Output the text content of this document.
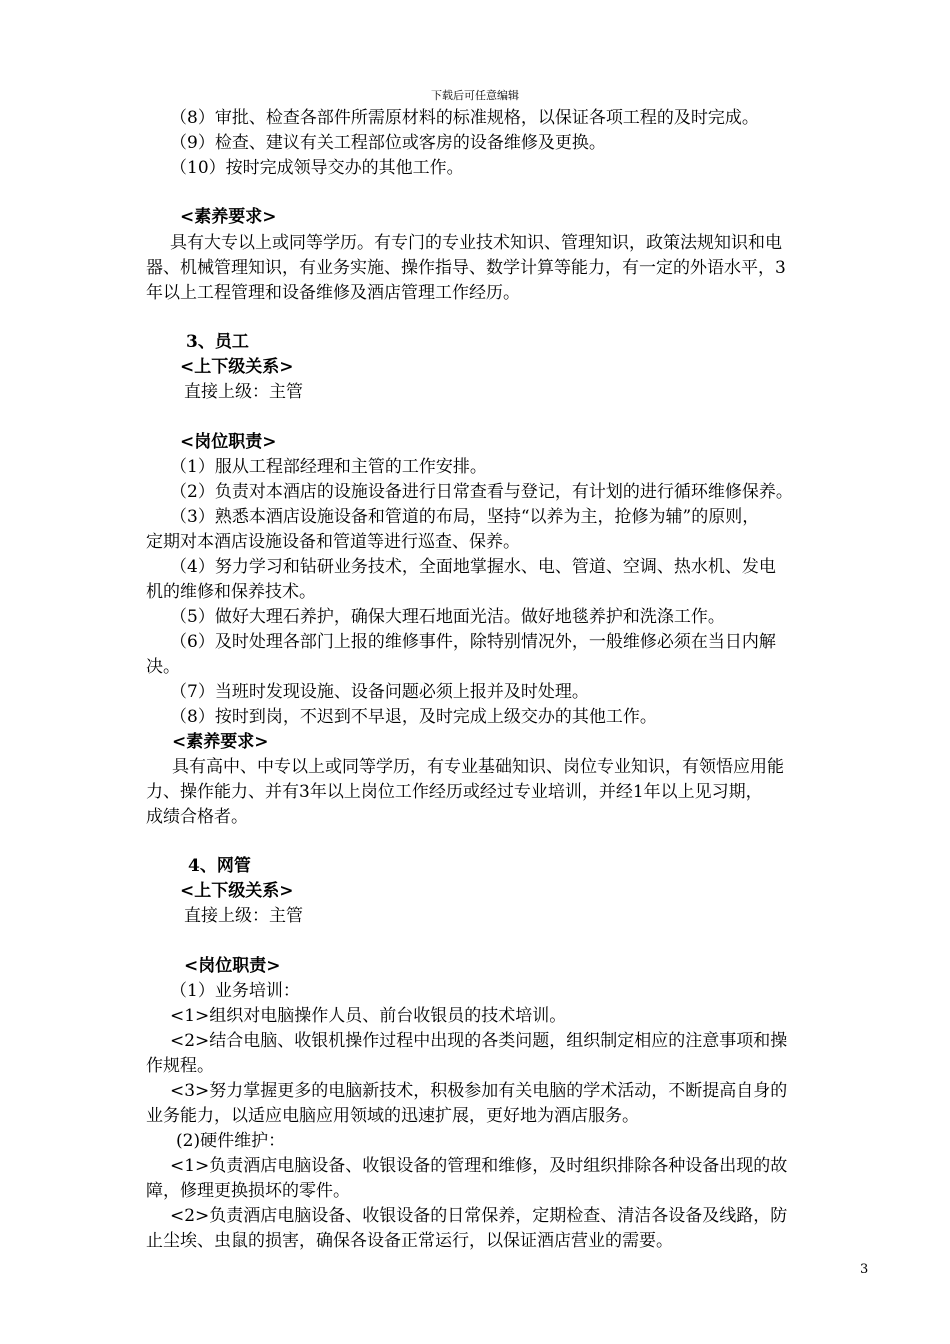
下载后可任意编辑
（8）审批、检查各部件所需原材料的标准规格，以保证各项工程的及时完成。
（9）检查、建议有关工程部位或客房的设备维修及更换。
（10）按时完成领导交办的其他工作。
<素养要求>
具有大专以上或同等学历。有专门的专业技术知识、管理知识，政策法规知识和电
器、机械管理知识，有业务实施、操作指导、数学计算等能力，有一定的外语水平，3
年以上工程管理和设备维修及酒店管理工作经历。
3、员工
<上下级关系>
直接上级：主管
<岗位职责>
（1）服从工程部经理和主管的工作安排。
（2）负责对本酒店的设施设备进行日常查看与登记，有计划的进行循环维修保养。
（3）熟悉本酒店设施设备和管道的布局，坚持“以养为主，抢修为辅”的原则，
定期对本酒店设施设备和管道等进行巡查、保养。
（4）努力学习和钻研业务技术，全面地掌握水、电、管道、空调、热水机、发电
机的维修和保养技术。
（5）做好大理石养护，确保大理石地面光洁。做好地毯养护和洗涤工作。
（6）及时处理各部门上报的维修事件，除特别情况外，一般维修必须在当日内解
决。
（7）当班时发现设施、设备问题必须上报并及时处理。
（8）按时到岗，不迟到不早退，及时完成上级交办的其他工作。
<素养要求>
具有高中、中专以上或同等学历，有专业基础知识、岗位专业知识，有领悟应用能
力、操作能力、并有3年以上岗位工作经历或经过专业培训，并经1年以上见习期，
成绩合格者。
4、网管
<上下级关系>
直接上级：主管
<岗位职责>
（1）业务培训：
<1>组织对电脑操作人员、前台收银员的技术培训。
<2>结合电脑、收银机操作过程中出现的各类问题，组织制定相应的注意事项和操
作规程。
<3>努力掌握更多的电脑新技术，积极参加有关电脑的学术活动，不断提高自身的
业务能力，以适应电脑应用领域的迅速扩展，更好地为酒店服务。
(2)硬件维护：
<1>负责酒店电脑设备、收银设备的管理和维修，及时组织排除各种设备出现的故
障，修理更换损坏的零件。
<2>负责酒店电脑设备、收银设备的日常保养，定期检查、清洁各设备及线路，防
止尘埃、虫鼠的损害，确保各设备正常运行，以保证酒店营业的需要。
3
